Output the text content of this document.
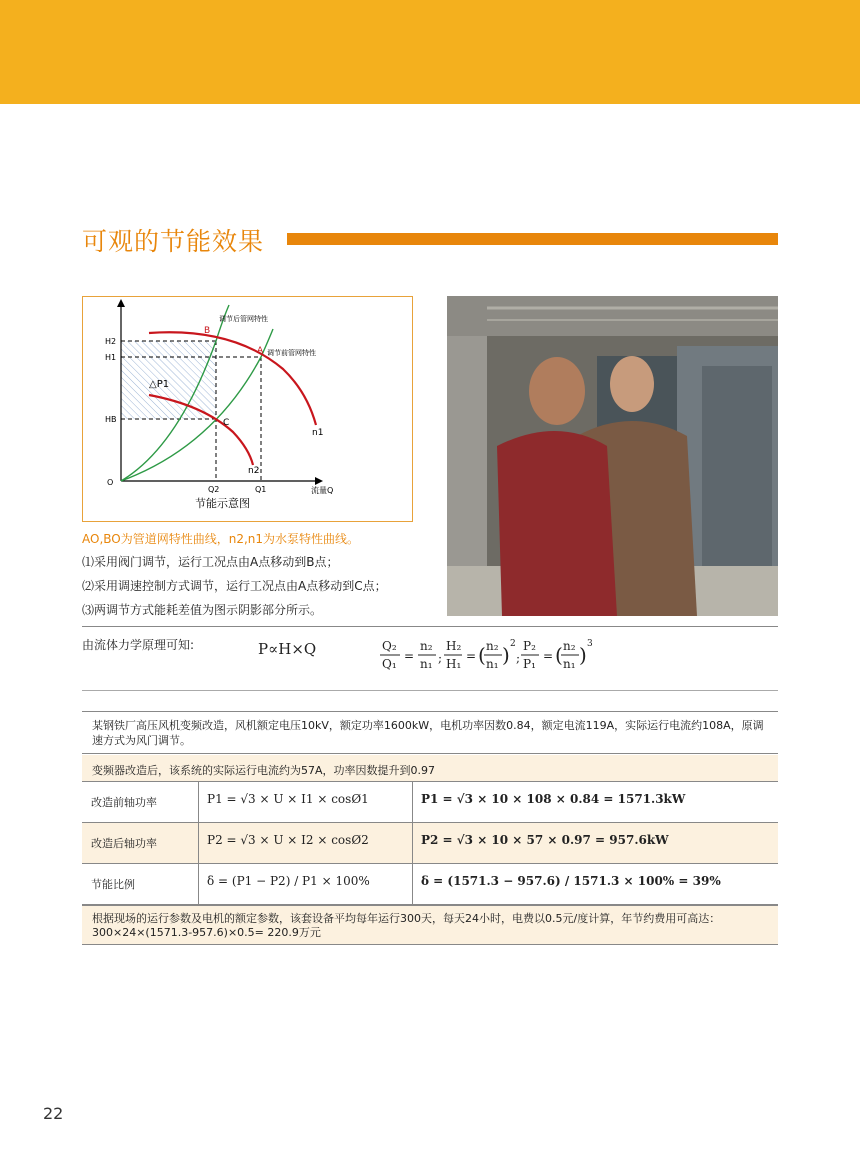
可观的节能效果
调节后管网特性
调节前管网特性
B
A
C
n1
n2
△P1
H2
H1
HB
O
Q2	Q1	流量Q
节能示意图
AO,BO为管道网特性曲线，n2,n1为水泵特性曲线。
⑴采用阀门调节，运行工况点由A点移动到B点；
⑵采用调速控制方式调节，运行工况点由A点移动到C点；
⑶两调节方式能耗差值为图示阴影部分所示。
由流体力学原理可知:	P∝H×Q	Q₂
Q₁
=
n₂
n₁ ;
H₂
H₁
= ( n₂
n₁ ) 2
;
P₂
P₁
= ( n₂
n₁ ) 3
某钢铁厂高压风机变频改造，风机额定电压10kV，额定功率1600kW，电机功率因数0.84，额定电流119A，实际运行电流约108A，原调速方式为风门调节。
变频器改造后，该系统的实际运行电流约为57A，功率因数提升到0.97
改造前轴功率	P1 = √3 × U × I1 × cosØ1	P1 = √3 × 10 × 108 × 0.84 = 1571.3kW
改造后轴功率	P2 = √3 × U × I2 × cosØ2	P2 = √3 × 10 × 57 × 0.97 = 957.6kW
节能比例	δ = (P1 − P2) / P1 × 100%	δ = (1571.3 − 957.6) / 1571.3 × 100% = 39%
根据现场的运行参数及电机的额定参数，该套设备平均每年运行300天，每天24小时，电费以0.5元/度计算，年节约费用可高达：300×24×(1571.3-957.6)×0.5= 220.9万元
22
